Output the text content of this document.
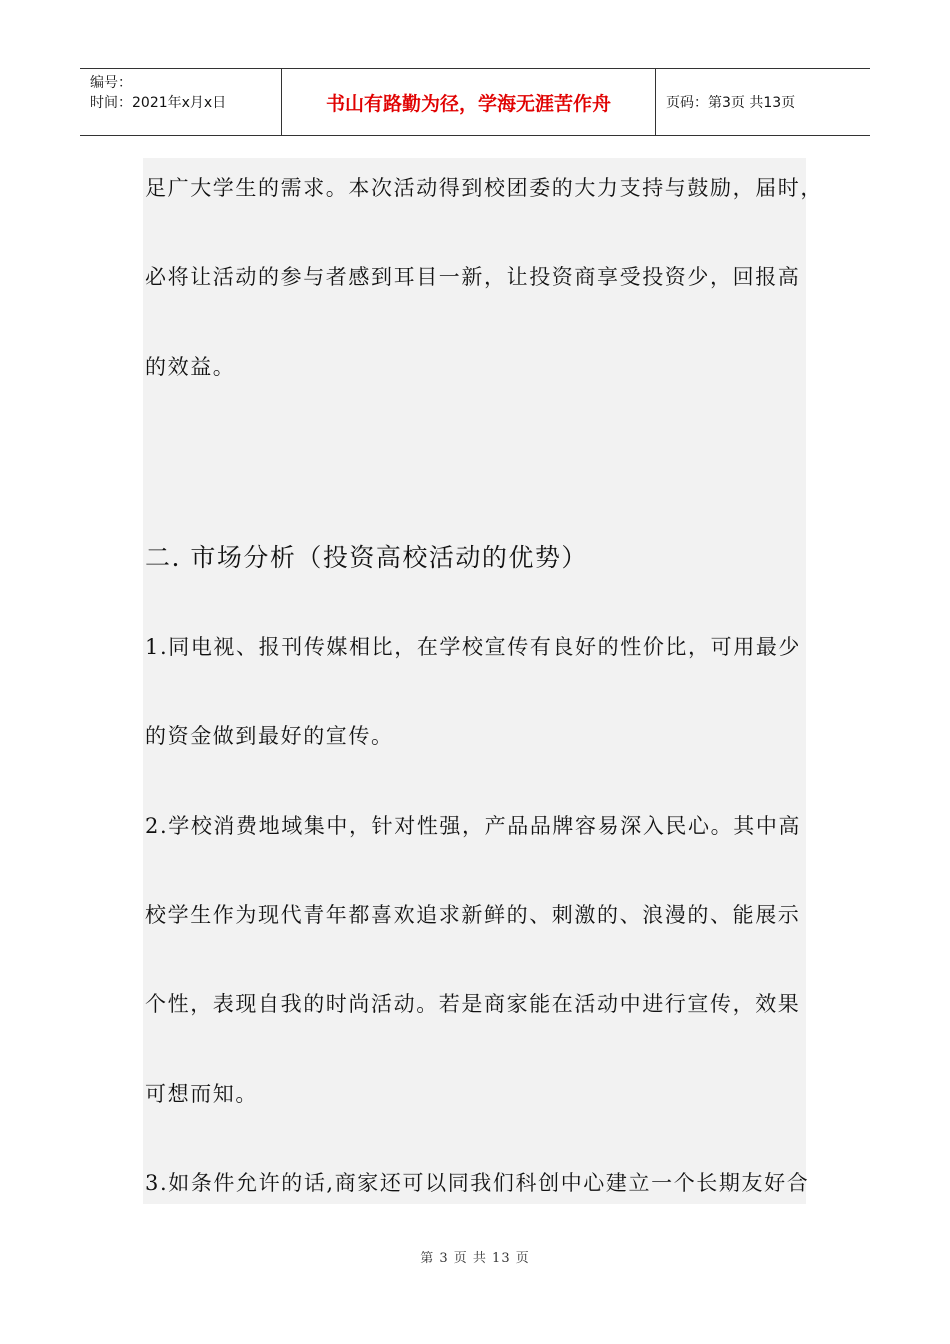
编号：
时间：2021年x月x日	书山有路勤为径，学海无涯苦作舟	页码：第3页 共13页
足广大学生的需求。本次活动得到校团委的大力支持与鼓励，届时，
必将让活动的参与者感到耳目一新，让投资商享受投资少，回报高
的效益。
二. 市场分析（投资高校活动的优势）
1.同电视、报刊传媒相比，在学校宣传有良好的性价比，可用最少
的资金做到最好的宣传。
2.学校消费地域集中，针对性强，产品品牌容易深入民心。其中高
校学生作为现代青年都喜欢追求新鲜的、刺激的、浪漫的、能展示
个性，表现自我的时尚活动。若是商家能在活动中进行宣传，效果
可想而知。
3.如条件允许的话,商家还可以同我们科创中心建立一个长期友好合
第 3 页 共 13 页
